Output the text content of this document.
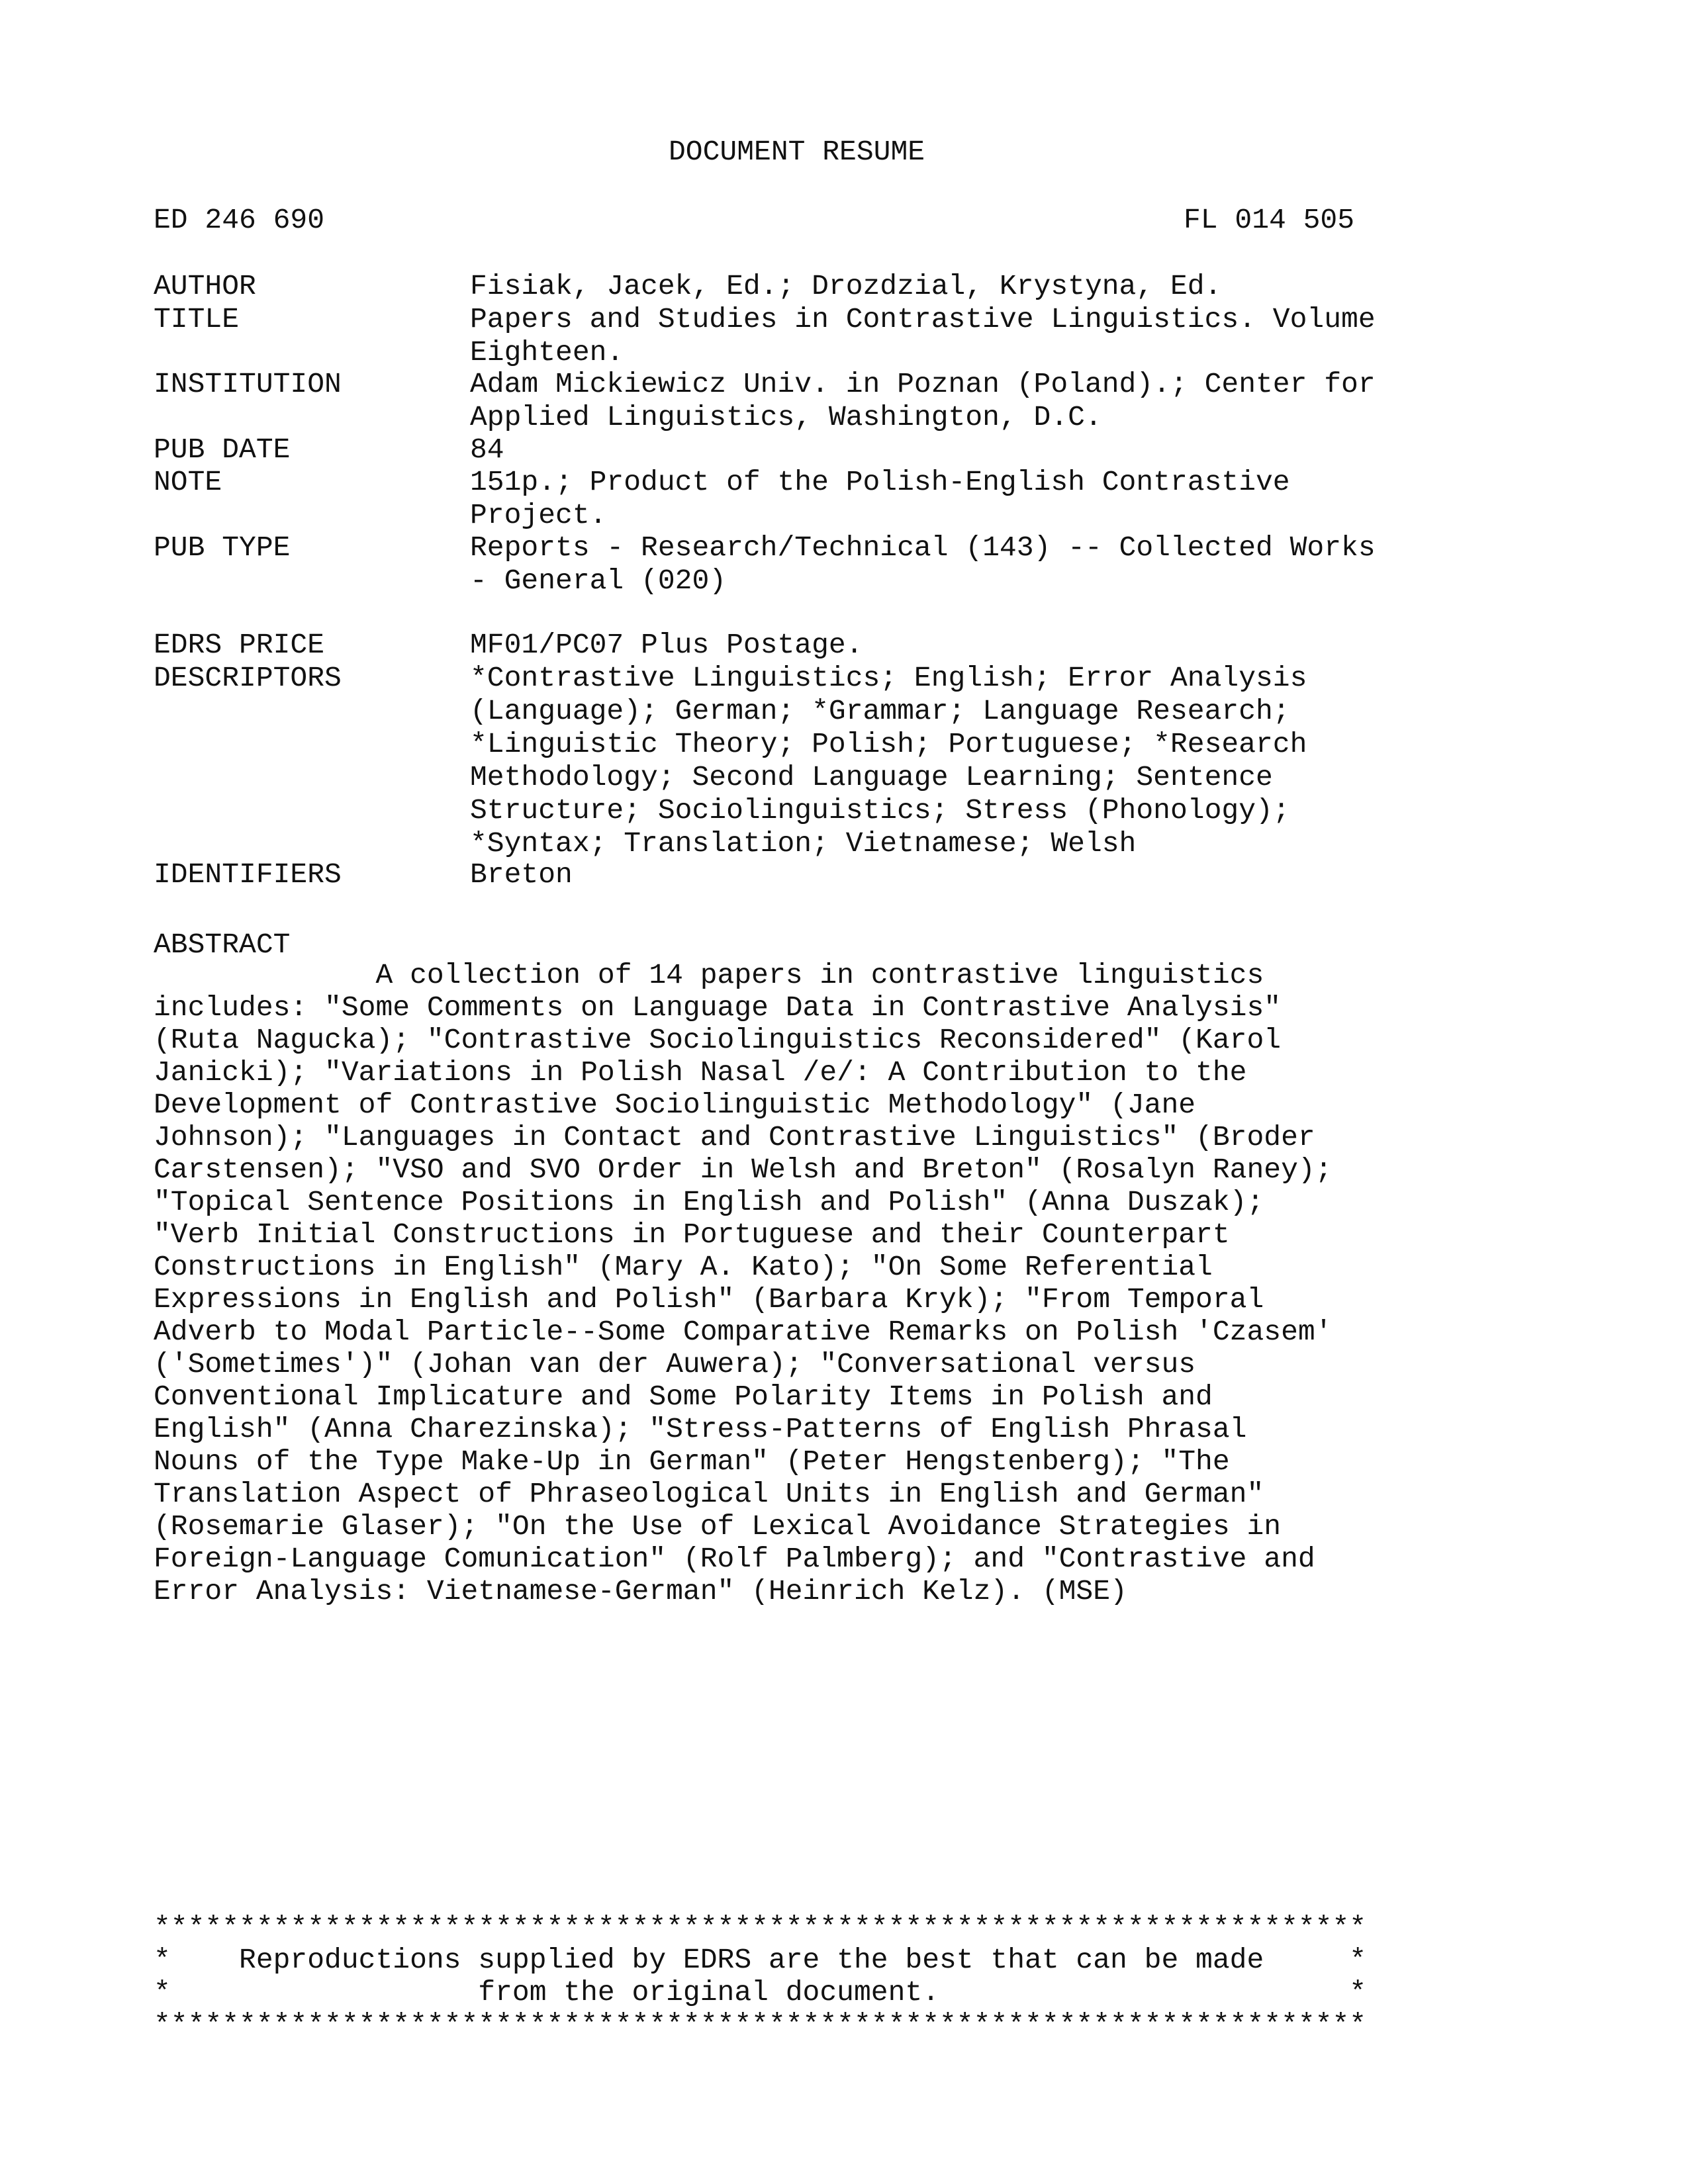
DOCUMENT RESUME
ED 246 690	FL 014 505
AUTHOR	Fisiak, Jacek, Ed.; Drozdzial, Krystyna, Ed.
TITLE	Papers and Studies in Contrastive Linguistics. Volume
Eighteen.
INSTITUTION	Adam Mickiewicz Univ. in Poznan (Poland).; Center for
Applied Linguistics, Washington, D.C.
PUB DATE	84
NOTE	151p.; Product of the Polish-English Contrastive
Project.
PUB TYPE	Reports - Research/Technical (143) -- Collected Works
- General (020)
EDRS PRICE	MF01/PC07 Plus Postage.
DESCRIPTORS	*Contrastive Linguistics; English; Error Analysis
(Language); German; *Grammar; Language Research;
*Linguistic Theory; Polish; Portuguese; *Research
Methodology; Second Language Learning; Sentence
Structure; Sociolinguistics; Stress (Phonology);
*Syntax; Translation; Vietnamese; Welsh
IDENTIFIERS	Breton
ABSTRACT
A collection of 14 papers in contrastive linguistics
includes: "Some Comments on Language Data in Contrastive Analysis"
(Ruta Nagucka); "Contrastive Sociolinguistics Reconsidered" (Karol
Janicki); "Variations in Polish Nasal /e/: A Contribution to the
Development of Contrastive Sociolinguistic Methodology" (Jane
Johnson); "Languages in Contact and Contrastive Linguistics" (Broder
Carstensen); "VSO and SVO Order in Welsh and Breton" (Rosalyn Raney);
"Topical Sentence Positions in English and Polish" (Anna Duszak);
"Verb Initial Constructions in Portuguese and their Counterpart
Constructions in English" (Mary A. Kato); "On Some Referential
Expressions in English and Polish" (Barbara Kryk); "From Temporal
Adverb to Modal Particle--Some Comparative Remarks on Polish 'Czasem'
('Sometimes')" (Johan van der Auwera); "Conversational versus
Conventional Implicature and Some Polarity Items in Polish and
English" (Anna Charezinska); "Stress-Patterns of English Phrasal
Nouns of the Type Make-Up in German" (Peter Hengstenberg); "The
Translation Aspect of Phraseological Units in English and German"
(Rosemarie Glaser); "On the Use of Lexical Avoidance Strategies in
Foreign-Language Comunication" (Rolf Palmberg); and "Contrastive and
Error Analysis: Vietnamese-German" (Heinrich Kelz). (MSE)
***********************************************************************
*    Reproductions supplied by EDRS are the best that can be made     *
*                  from the original document.                        *
***********************************************************************
